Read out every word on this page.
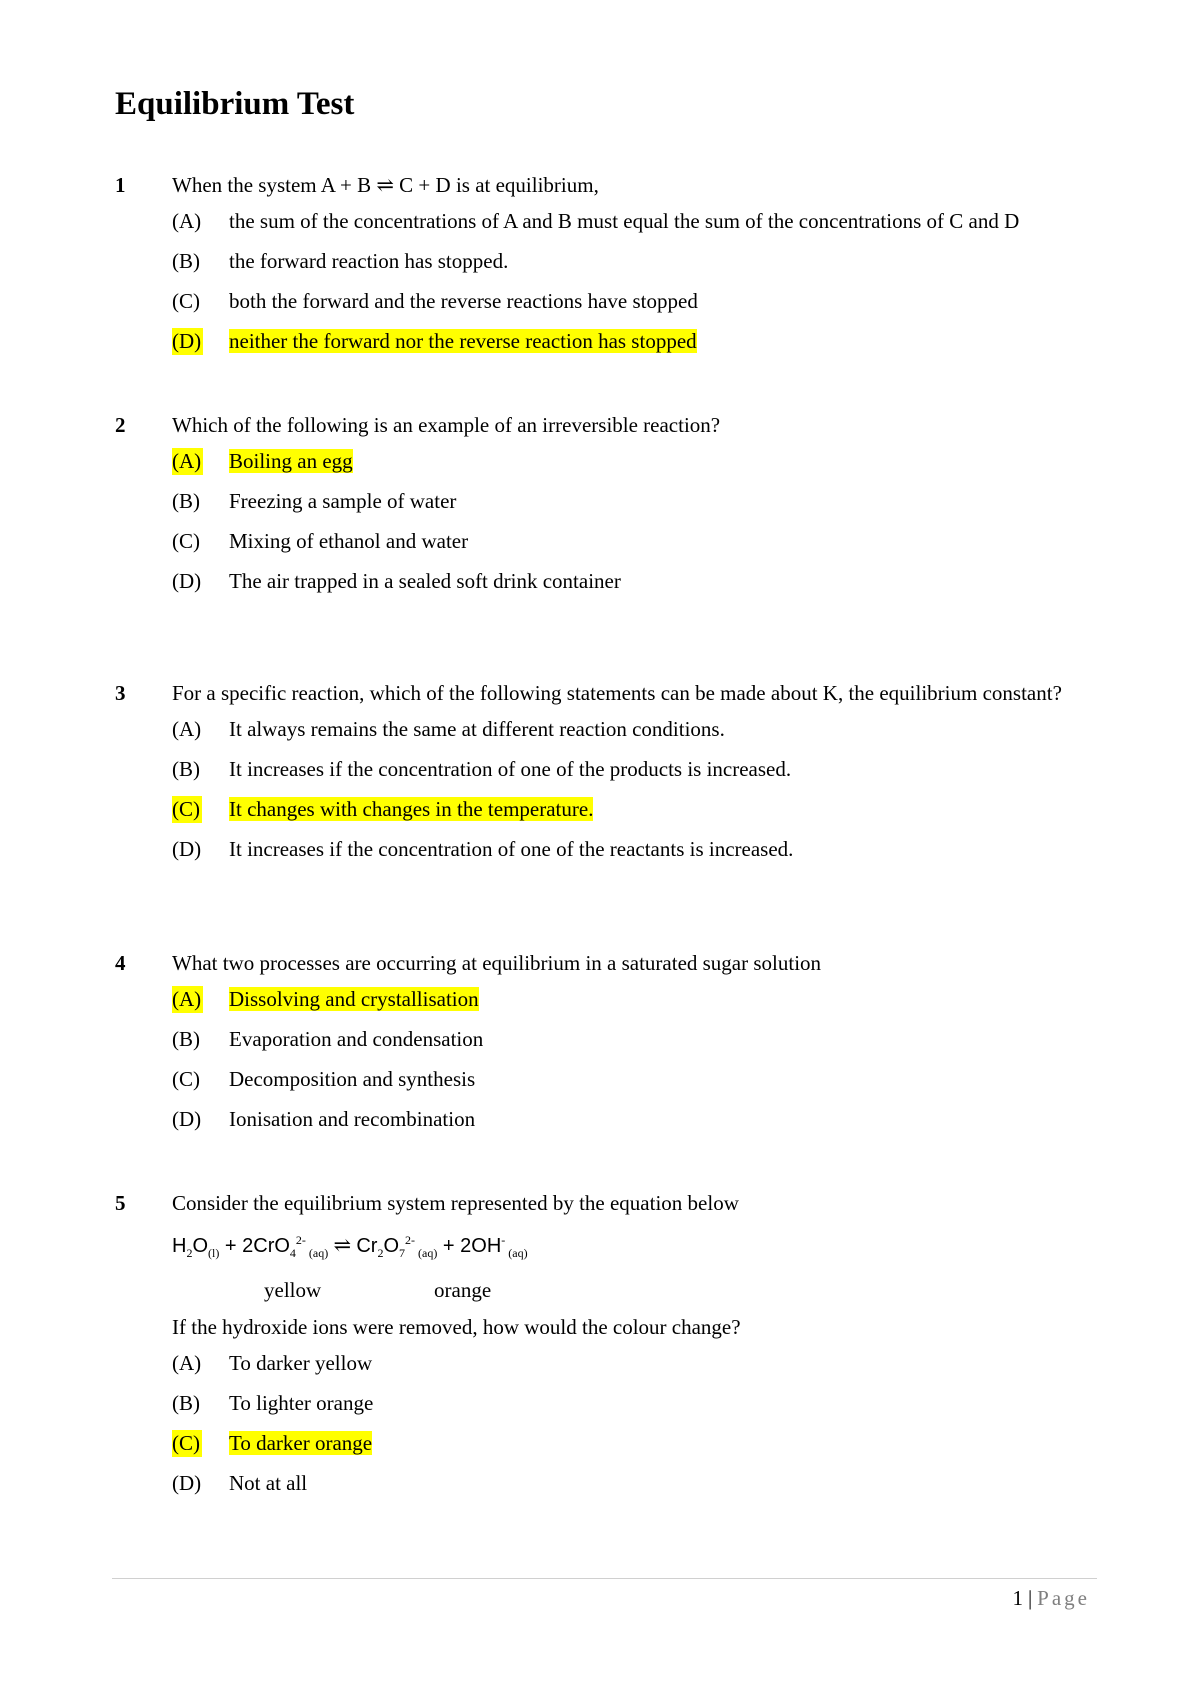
Equilibrium Test
1	When the system A + B ⇌ C + D is at equilibrium,
(A) the sum of the concentrations of A and B must equal the sum of the concentrations of C and D
(B) the forward reaction has stopped.
(C) both the forward and the reverse reactions have stopped
(D) neither the forward nor the reverse reaction has stopped
2	Which of the following is an example of an irreversible reaction?
(A) Boiling an egg
(B) Freezing a sample of water
(C) Mixing of ethanol and water
(D) The air trapped in a sealed soft drink container
3	For a specific reaction, which of the following statements can be made about K, the equilibrium constant?
(A) It always remains the same at different reaction conditions.
(B) It increases if the concentration of one of the products is increased.
(C) It changes with changes in the temperature.
(D) It increases if the concentration of one of the reactants is increased.
4	What two processes are occurring at equilibrium in a saturated sugar solution
(A) Dissolving and crystallisation
(B) Evaporation and condensation
(C) Decomposition and synthesis
(D) Ionisation and recombination
5	Consider the equilibrium system represented by the equation below
$H_2O_{(l)} + 2CrO_4^{2-}$ $_{(aq)}$ ⇌ $Cr_2O_7^{2-}$ $_{(aq)}$ + 2OH- $_{(aq)}$
yellow	orange
If the hydroxide ions were removed, how would the colour change?
(A) To darker yellow
(B) To lighter orange
(C) To darker orange
(D) Not at all
1 | Page
